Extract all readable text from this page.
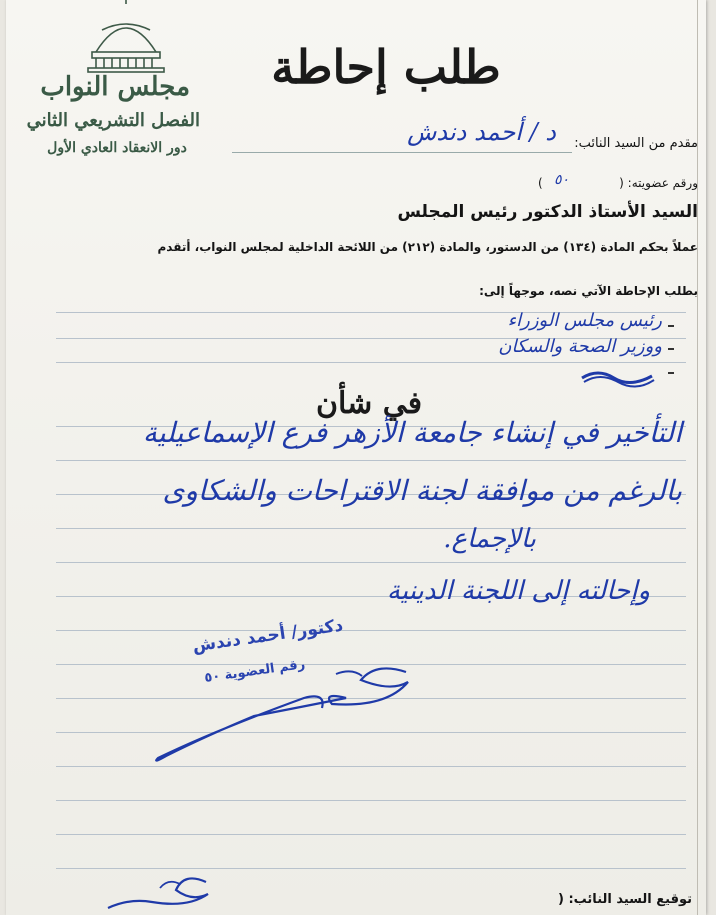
مجلس النواب
الفصل التشريعي الثاني
دور الانعقاد العادي الأول
طلب إحاطة
مقدم من السيد النائب:
د / أحمد دندش
ورقم عضويته: (
٥٠
)
السيد الأستاذ الدكتور رئيس المجلس
عملاً بحكم المادة (١٣٤) من الدستور، والمادة (٢١٢) من اللائحة الداخلية لمجلس النواب، أتقدم
بطلب الإحاطة الآتي نصه، موجهاً إلى:
رئيس مجلس الوزراء
ووزير الصحة والسكان
في شأن
التأخير في إنشاء جامعة الأزهر فرع الإسماعيلية
بالرغم من موافقة لجنة الاقتراحات والشكاوى
بالإجماع.
وإحالته إلى اللجنة الدينية
دكتور/ أحمد دندش
رقم العضوية ٥٠
توقيع السيد النائب: (
